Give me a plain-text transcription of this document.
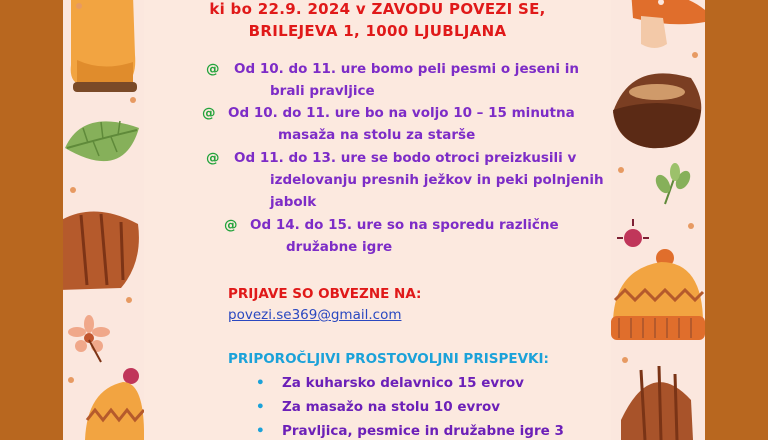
ki bo 22.9. 2024 v ZAVODU POVEZI SE,
BRILEJEVA 1, 1000 LJUBLJANA
@ Od 10. do 11. ure bomo peli pesmi o jeseni in
brali pravljice
@ Od 10. do 11. ure bo na voljo 10 – 15 minutna
masaža na stolu za starše
@ Od 11. do 13. ure se bodo otroci preizkusili v
izdelovanju presnih ježkov in peki polnjenih
jabolk
@ Od 14. do 15. ure so na sporedu različne
družabne igre
PRIJAVE SO OBVEZNE NA:
povezi.se369@gmail.com
PRIPOROČLJIVI PROSTOVOLJNI PRISPEVKI:
• Za kuharsko delavnico 15 evrov
• Za masažo na stolu 10 evrov
• Pravljica, pesmice in družabne igre 3
